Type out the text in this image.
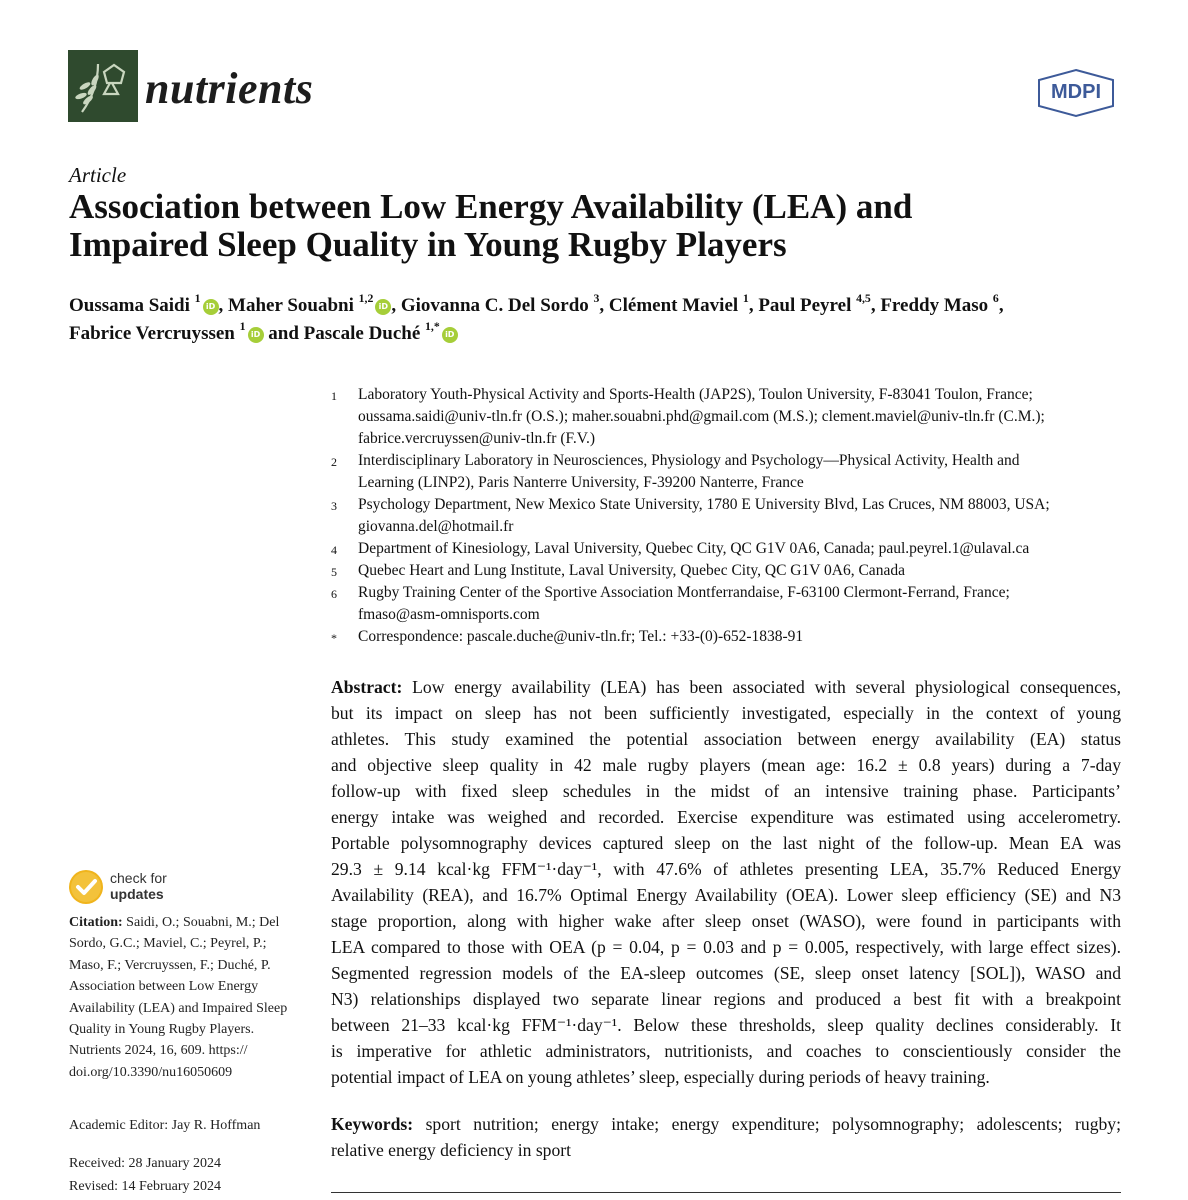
nutrients	MDPI
Article
Association between Low Energy Availability (LEA) and
Impaired Sleep Quality in Young Rugby Players
Oussama Saidi $^1$iD , Maher Souabni $^{1,2}$iD , Giovanna C. Del Sordo $^3$, Clément Maviel $^1$, Paul Peyrel $^{4,5}$, Freddy Maso $^6$,
Fabrice Vercruyssen $^1$iD and Pascale Duché $^{1,*}$iD
1 Laboratory Youth-Physical Activity and Sports-Health (JAP2S), Toulon University, F-83041 Toulon, France;
oussama.saidi@univ-tln.fr (O.S.); maher.souabni.phd@gmail.com (M.S.); clement.maviel@univ-tln.fr (C.M.);
fabrice.vercruyssen@univ-tln.fr (F.V.)
2 Interdisciplinary Laboratory in Neurosciences, Physiology and Psychology—Physical Activity, Health and
Learning (LINP2), Paris Nanterre University, F-39200 Nanterre, France
3 Psychology Department, New Mexico State University, 1780 E University Blvd, Las Cruces, NM 88003, USA;
giovanna.del@hotmail.fr
4 Department of Kinesiology, Laval University, Quebec City, QC G1V 0A6, Canada; paul.peyrel.1@ulaval.ca
5 Quebec Heart and Lung Institute, Laval University, Quebec City, QC G1V 0A6, Canada
6 Rugby Training Center of the Sportive Association Montferrandaise, F-63100 Clermont-Ferrand, France;
fmaso@asm-omnisports.com
* Correspondence: pascale.duche@univ-tln.fr; Tel.: +33-(0)-652-1838-91
Abstract: Low energy availability (LEA) has been associated with several physiological consequences,
but its impact on sleep has not been sufficiently investigated, especially in the context of young
athletes. This study examined the potential association between energy availability (EA) status
and objective sleep quality in 42 male rugby players (mean age: 16.2 ± 0.8 years) during a 7-day
follow-up with fixed sleep schedules in the midst of an intensive training phase. Participants’
energy intake was weighed and recorded. Exercise expenditure was estimated using accelerometry.
Portable polysomnography devices captured sleep on the last night of the follow-up. Mean EA was
29.3 ± 9.14 kcal·kg FFM⁻¹·day⁻¹, with 47.6% of athletes presenting LEA, 35.7% Reduced Energy
Availability (REA), and 16.7% Optimal Energy Availability (OEA). Lower sleep efficiency (SE) and N3
stage proportion, along with higher wake after sleep onset (WASO), were found in participants with
LEA compared to those with OEA (p = 0.04, p = 0.03 and p = 0.005, respectively, with large effect sizes).
Segmented regression models of the EA-sleep outcomes (SE, sleep onset latency [SOL]), WASO and
N3) relationships displayed two separate linear regions and produced a best fit with a breakpoint
between 21–33 kcal·kg FFM⁻¹·day⁻¹. Below these thresholds, sleep quality declines considerably. It
is imperative for athletic administrators, nutritionists, and coaches to conscientiously consider the
potential impact of LEA on young athletes’ sleep, especially during periods of heavy training.
Keywords: sport nutrition; energy intake; energy expenditure; polysomnography; adolescents; rugby;
relative energy deficiency in sport
check for
updates
Citation: Saidi, O.; Souabni, M.; Del
Sordo, G.C.; Maviel, C.; Peyrel, P.;
Maso, F.; Vercruyssen, F.; Duché, P.
Association between Low Energy
Availability (LEA) and Impaired Sleep
Quality in Young Rugby Players.
Nutrients 2024, 16, 609. https://
doi.org/10.3390/nu16050609
Academic Editor: Jay R. Hoffman
Received: 28 January 2024
Revised: 14 February 2024
